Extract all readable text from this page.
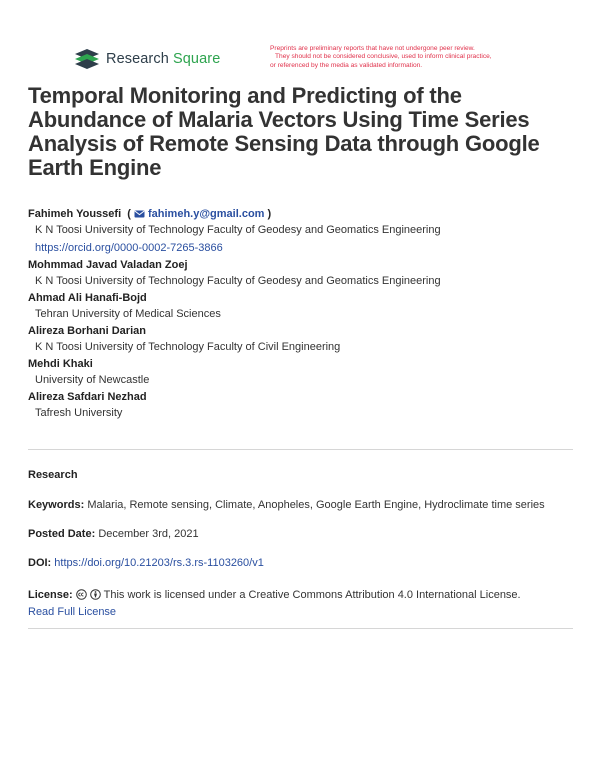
Research Square
Preprints are preliminary reports that have not undergone peer review.
They should not be considered conclusive, used to inform clinical practice,
or referenced by the media as validated information.
Temporal Monitoring and Predicting of the Abundance of Malaria Vectors Using Time Series Analysis of Remote Sensing Data through Google Earth Engine
Fahimeh Youssefi ( fahimeh.y@gmail.com )
K N Toosi University of Technology Faculty of Geodesy and Geomatics Engineering
https://orcid.org/0000-0002-7265-3866
Mohmmad Javad Valadan Zoej
K N Toosi University of Technology Faculty of Geodesy and Geomatics Engineering
Ahmad Ali Hanafi-Bojd
Tehran University of Medical Sciences
Alireza Borhani Darian
K N Toosi University of Technology Faculty of Civil Engineering
Mehdi Khaki
University of Newcastle
Alireza Safdari Nezhad
Tafresh University
Research
Keywords: Malaria, Remote sensing, Climate, Anopheles, Google Earth Engine, Hydroclimate time series
Posted Date: December 3rd, 2021
DOI: https://doi.org/10.21203/rs.3.rs-1103260/v1
License:	This work is licensed under a Creative Commons Attribution 4.0 International License.
Read Full License
